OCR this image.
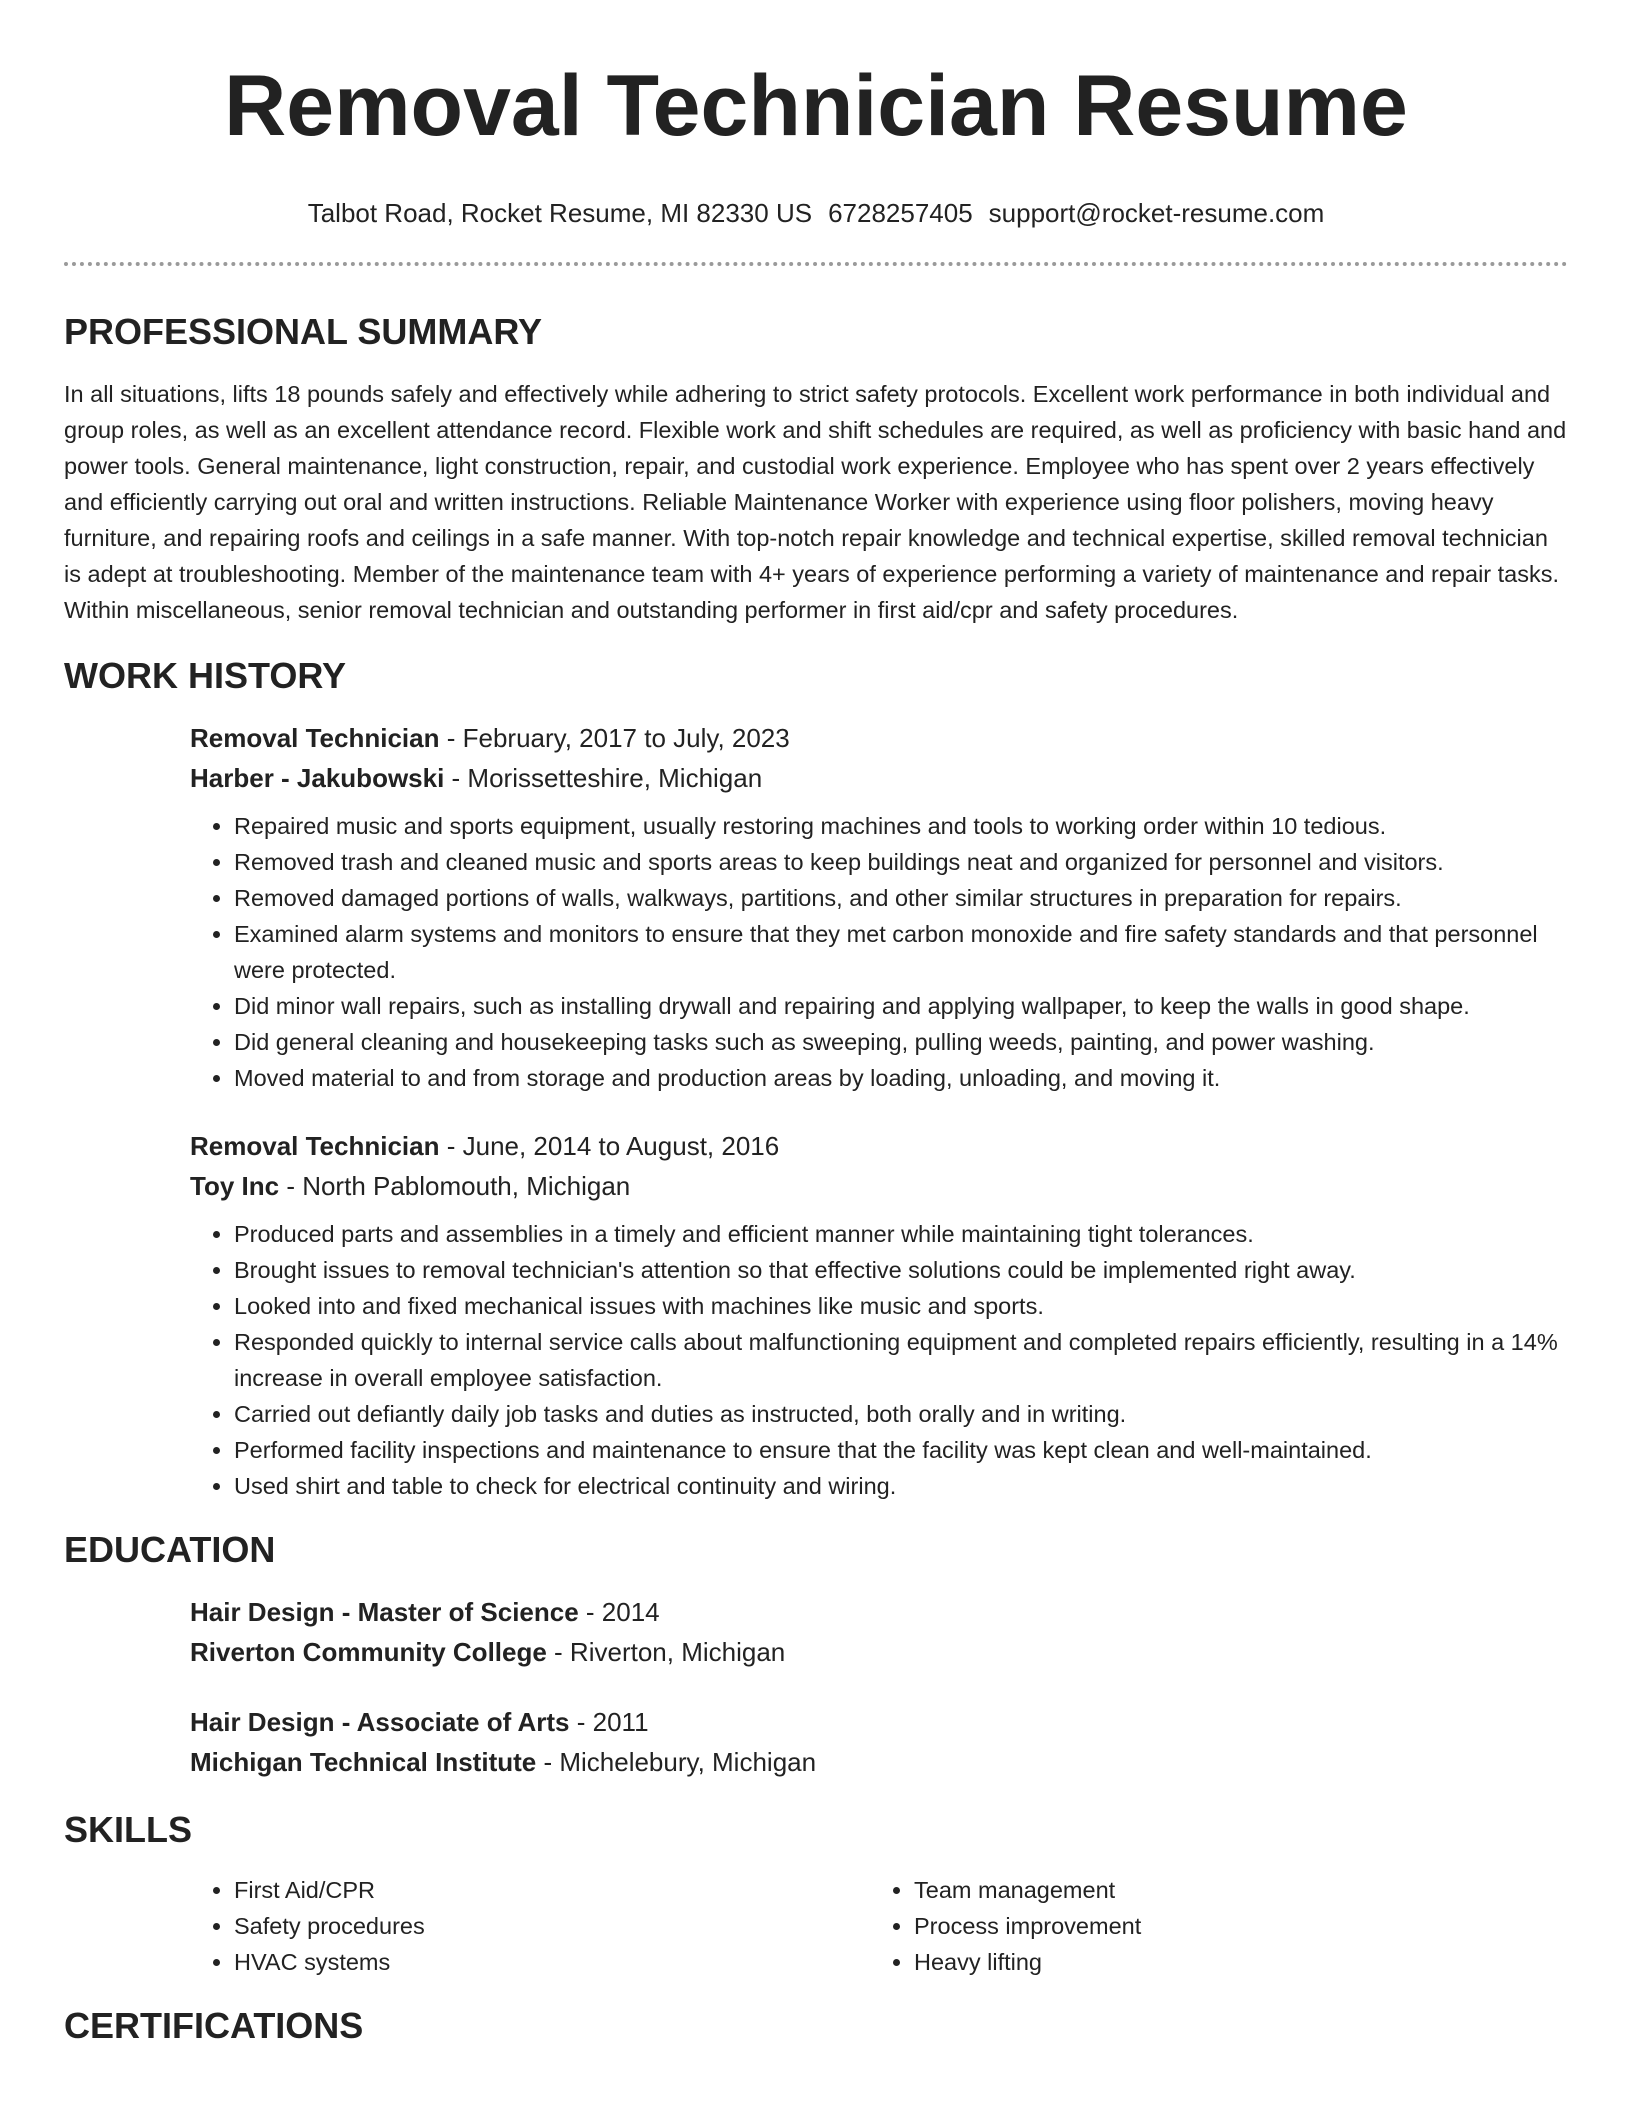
Removal Technician Resume
Talbot Road, Rocket Resume, MI 82330 US 6728257405 support@rocket-resume.com
PROFESSIONAL SUMMARY

In all situations, lifts 18 pounds safely and effectively while adhering to strict safety protocols. Excellent work performance in both individual and group roles, as well as an excellent attendance record. Flexible work and shift schedules are required, as well as proficiency with basic hand and power tools. General maintenance, light construction, repair, and custodial work experience. Employee who has spent over 2 years effectively and efficiently carrying out oral and written instructions. Reliable Maintenance Worker with experience using floor polishers, moving heavy furniture, and repairing roofs and ceilings in a safe manner. With top-notch repair knowledge and technical expertise, skilled removal technician is adept at troubleshooting. Member of the maintenance team with 4+ years of experience performing a variety of maintenance and repair tasks. Within miscellaneous, senior removal technician and outstanding performer in first aid/cpr and safety procedures.

WORK HISTORY

Removal Technician - February, 2017 to July, 2023

Harber - Jakubowski - Morissetteshire, Michigan

• Repaired music and sports equipment, usually restoring machines and tools to working order within 10 tedious.
• Removed trash and cleaned music and sports areas to keep buildings neat and organized for personnel and visitors.
• Removed damaged portions of walls, walkways, partitions, and other similar structures in preparation for repairs.
• Examined alarm systems and monitors to ensure that they met carbon monoxide and fire safety standards and that personnel were protected.
• Did minor wall repairs, such as installing drywall and repairing and applying wallpaper, to keep the walls in good shape.
• Did general cleaning and housekeeping tasks such as sweeping, pulling weeds, painting, and power washing.
• Moved material to and from storage and production areas by loading, unloading, and moving it.

Removal Technician - June, 2014 to August, 2016

Toy Inc - North Pablomouth, Michigan

• Produced parts and assemblies in a timely and efficient manner while maintaining tight tolerances.
• Brought issues to removal technician's attention so that effective solutions could be implemented right away.
• Looked into and fixed mechanical issues with machines like music and sports.
• Responded quickly to internal service calls about malfunctioning equipment and completed repairs efficiently, resulting in a 14% increase in overall employee satisfaction.
• Carried out defiantly daily job tasks and duties as instructed, both orally and in writing.
• Performed facility inspections and maintenance to ensure that the facility was kept clean and well-maintained.
• Used shirt and table to check for electrical continuity and wiring.
EDUCATION

Hair Design - Master of Science - 2014

Riverton Community College - Riverton, Michigan

Hair Design - Associate of Arts - 2011

Michigan Technical Institute - Michelebury, Michigan

SKILLS
• First Aid/CPR
• Safety procedures
• HVAC systems
• Team management
• Process improvement
• Heavy lifting
CERTIFICATIONS
